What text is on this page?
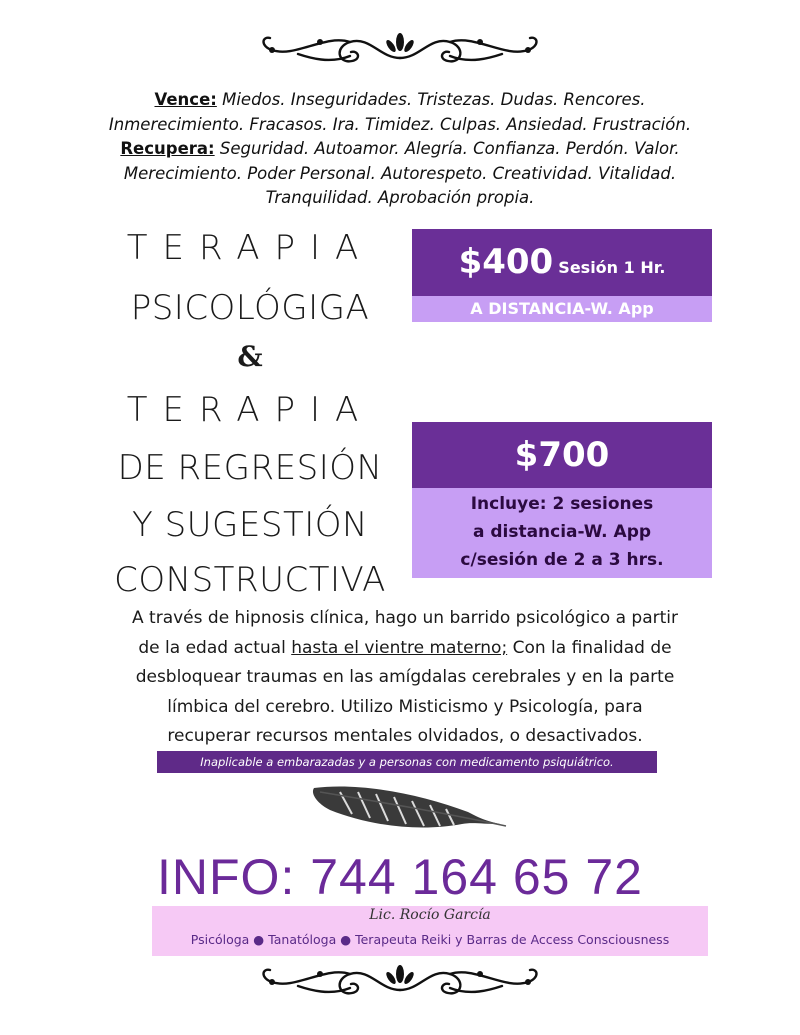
Vence: Miedos. Inseguridades. Tristezas. Dudas. Rencores.
Inmerecimiento. Fracasos. Ira. Timidez. Culpas. Ansiedad. Frustración.
Recupera: Seguridad. Autoamor. Alegría. Confianza. Perdón. Valor.
Merecimiento. Poder Personal. Autorespeto. Creatividad. Vitalidad.
Tranquilidad. Aprobación propia.
TERAPIA
PSICOLÓGIGA
&
TERAPIA
DE REGRESIÓN
Y SUGESTIÓN
CONSTRUCTIVA
$400 Sesión 1 Hr.
A DISTANCIA-W. App
$700
Incluye: 2 sesiones
a distancia-W. App
c/sesión de 2 a 3 hrs.
A través de hipnosis clínica, hago un barrido psicológico a partir
de la edad actual hasta el vientre materno; Con la finalidad de
desbloquear traumas en las amígdalas cerebrales y en la parte
límbica del cerebro. Utilizo Misticismo y Psicología, para
recuperar recursos mentales olvidados, o desactivados.
Inaplicable a embarazadas y a personas con medicamento psiquiátrico.
INFO: 744 164 65 72
Lic. Rocío García
Psicóloga ● Tanatóloga ● Terapeuta Reiki y Barras de Access Consciousness
